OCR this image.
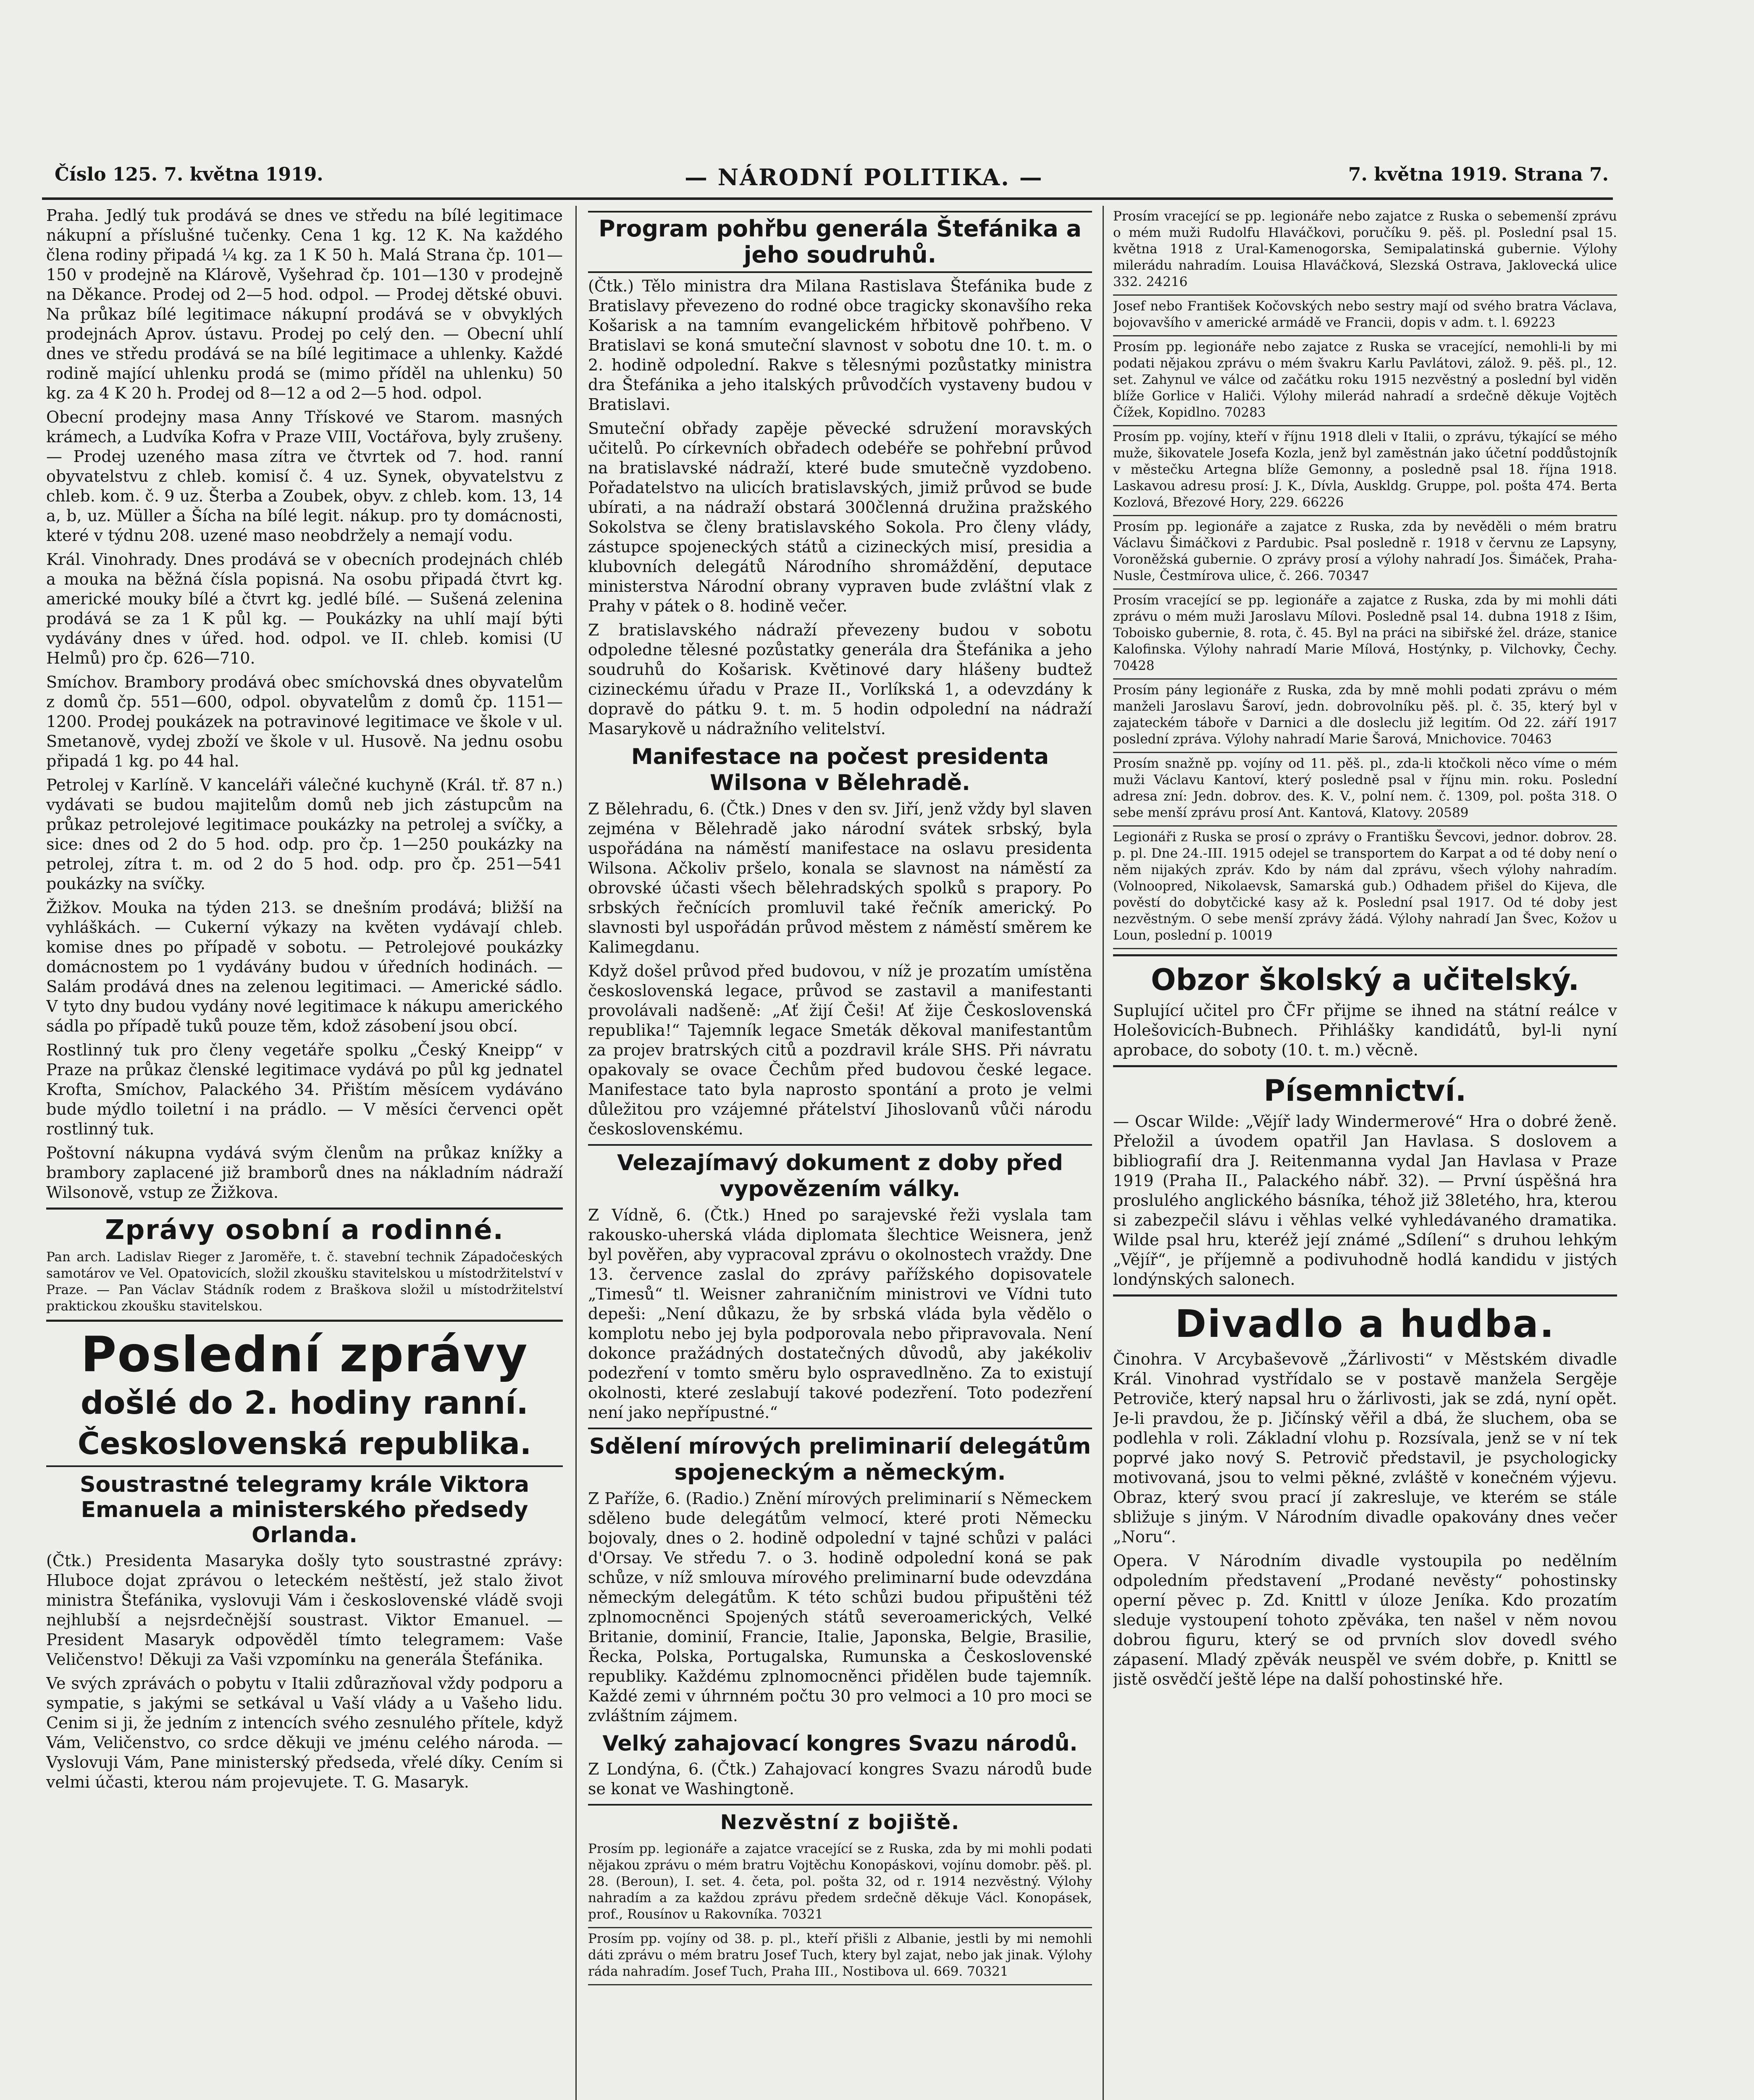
Číslo 125. 7. května 1919.	— NÁRODNÍ POLITIKA. —	7. května 1919. Strana 7.

Praha. Jedlý tuk prodává se dnes ve středu na bílé legitimace nákupní a příslušné tučenky. Cena 1 kg. 12 K. Na každého člena rodiny připadá ¼ kg. za 1 K 50 h. Malá Strana čp. 101—150 v prodejně na Klárově, Vyšehrad čp. 101—130 v prodejně na Děkance. Prodej od 2—5 hod. odpol. — Prodej dětské obuvi. Na průkaz bílé legitimace nákupní prodává se v obvyklých prodejnách Aprov. ústavu. Prodej po celý den. — Obecní uhlí dnes ve středu prodává se na bílé legitimace a uhlenky. Každé rodině mající uhlenku prodá se (mimo příděl na uhlenku) 50 kg. za 4 K 20 h. Prodej od 8—12 a od 2—5 hod. odpol.

Obecní prodejny masa Anny Třískové ve Starom. masných krámech, a Ludvíka Kofra v Praze VIII, Voctářova, byly zrušeny. — Prodej uzeného masa zítra ve čtvrtek od 7. hod. ranní obyvatelstvu z chleb. komisí č. 4 uz. Synek, obyvatelstvu z chleb. kom. č. 9 uz. Šterba a Zoubek, obyv. z chleb. kom. 13, 14 a, b, uz. Müller a Šícha na bílé legit. nákup. pro ty domácnosti, které v týdnu 208. uzené maso neobdržely a nemají vodu.

Král. Vinohrady. Dnes prodává se v obecních prodejnách chléb a mouka na běžná čísla popisná. Na osobu připadá čtvrt kg. americké mouky bílé a čtvrt kg. jedlé bílé. — Sušená zelenina prodává se za 1 K půl kg. — Poukázky na uhlí mají býti vydávány dnes v úřed. hod. odpol. ve II. chleb. komisi (U Helmů) pro čp. 626—710.

Smíchov. Brambory prodává obec smíchovská dnes obyvatelům z domů čp. 551—600, odpol. obyvatelům z domů čp. 1151—1200. Prodej poukázek na potravinové legitimace ve škole v ul. Smetanově, vydej zboží ve škole v ul. Husově. Na jednu osobu připadá 1 kg. po 44 hal.

Petrolej v Karlíně. V kanceláři válečné kuchyně (Král. tř. 87 n.) vydávati se budou majitelům domů neb jich zástupcům na průkaz petrolejové legitimace poukázky na petrolej a svíčky, a sice: dnes od 2 do 5 hod. odp. pro čp. 1—250 poukázky na petrolej, zítra t. m. od 2 do 5 hod. odp. pro čp. 251—541 poukázky na svíčky.

Žižkov. Mouka na týden 213. se dnešním prodává; bližší na vyhláškách. — Cukerní výkazy na květen vydávají chleb. komise dnes po případě v sobotu. — Petrolejové poukázky domácnostem po 1 vydávány budou v úředních hodinách. — Salám prodává dnes na zelenou legitimaci. — Americké sádlo. V tyto dny budou vydány nové legitimace k nákupu amerického sádla po případě tuků pouze těm, kdož zásobení jsou obcí.

Rostlinný tuk pro členy vegetáře spolku „Český Kneipp“ v Praze na průkaz členské legitimace vydává po půl kg jednatel Krofta, Smíchov, Palackého 34. Přištím měsícem vydáváno bude mýdlo toiletní i na prádlo. — V měsíci červenci opět rostlinný tuk.

Poštovní nákupna vydává svým členům na průkaz knížky a brambory zaplacené již bramborů dnes na nákladním nádraží Wilsonově, vstup ze Žižkova.

Zprávy osobní a rodinné.

Pan arch. Ladislav Rieger z Jaroměře, t. č. stavební technik Západočeských samotárov ve Vel. Opatovicích, složil zkoušku stavitelskou u místodržitelství v Praze. — Pan Václav Stádník rodem z Braškova složil u místodržitelství praktickou zkoušku stavitelskou.

Poslední zprávy
došlé do 2. hodiny ranní.
Československá republika.
Soustrastné telegramy krále Viktora Emanuela a ministerského předsedy Orlanda.

(Čtk.) Presidenta Masaryka došly tyto soustrastné zprávy: Hluboce dojat zprávou o leteckém neštěstí, jež stalo život ministra Štefánika, vyslovuji Vám i československé vládě svoji nejhlubší a nejsrdečnější soustrast. Viktor Emanuel. — President Masaryk odpověděl tímto telegramem: Vaše Veličenstvo! Děkuji za Vaši vzpomínku na generála Štefánika.

Ve svých zprávách o pobytu v Italii zdůrazňoval vždy podporu a sympatie, s jakými se setkával u Vaší vlády a u Vašeho lidu. Cenim si ji, že jedním z intencích svého zesnulého přítele, když Vám, Veličenstvo, co srdce děkuji ve jménu celého národa. — Vyslovuji Vám, Pane ministerský předseda, vřelé díky. Cením si velmi účasti, kterou nám projevujete. T. G. Masaryk.

Program pohřbu generála Štefánika a jeho soudruhů.

(Čtk.) Tělo ministra dra Milana Rastislava Štefánika bude z Bratislavy převezeno do rodné obce tragicky skonavšího reka Košarisk a na tamním evangelickém hřbitově pohřbeno. V Bratislavi se koná smuteční slavnost v sobotu dne 10. t. m. o 2. hodině odpolední. Rakve s tělesnými pozůstatky ministra dra Štefánika a jeho italských průvodčích vystaveny budou v Bratislavi.

Smuteční obřady zapěje pěvecké sdružení moravských učitelů. Po církevních obřadech odebéře se pohřební průvod na bratislavské nádraží, které bude smutečně vyzdobeno. Pořadatelstvo na ulicích bratislavských, jimiž průvod se bude ubírati, a na nádraží obstará 300členná družina pražského Sokolstva se členy bratislavského Sokola. Pro členy vlády, zástupce spojeneckých států a cizineckých misí, presidia a klubovních delegátů Národního shromáždění, deputace ministerstva Národní obrany vypraven bude zvláštní vlak z Prahy v pátek o 8. hodině večer.

Z bratislavského nádraží převezeny budou v sobotu odpoledne tělesné pozůstatky generála dra Štefánika a jeho soudruhů do Košarisk. Květinové dary hlášeny budtež cizineckému úřadu v Praze II., Vorlíkská 1, a odevzdány k dopravě do pátku 9. t. m. 5 hodin odpolední na nádraží Masarykově u nádražního velitelství.

Manifestace na počest presidenta Wilsona v Bělehradě.

Z Bělehradu, 6. (Čtk.) Dnes v den sv. Jiří, jenž vždy byl slaven zejména v Bělehradě jako národní svátek srbský, byla uspořádána na náměstí manifestace na oslavu presidenta Wilsona. Ačkoliv pršelo, konala se slavnost na náměstí za obrovské účasti všech bělehradských spolků s prapory. Po srbských řečnících promluvil také řečník americký. Po slavnosti byl uspořádán průvod městem z náměstí směrem ke Kalimegdanu.

Když došel průvod před budovou, v níž je prozatím umístěna československá legace, průvod se zastavil a manifestanti provolávali nadšeně: „Ať žijí Češi! Ať žije Československá republika!“ Tajemník legace Smeták děkoval manifestantům za projev bratrských citů a pozdravil krále SHS. Při návratu opakovaly se ovace Čechům před budovou české legace. Manifestace tato byla naprosto spontání a proto je velmi důležitou pro vzájemné přátelství Jihoslovanů vůči národu československému.

Velezajímavý dokument z doby před vypovězením války.

Z Vídně, 6. (Čtk.) Hned po sarajevské řeži vyslala tam rakousko-uherská vláda diplomata šlechtice Weisnera, jenž byl pověřen, aby vypracoval zprávu o okolnostech vraždy. Dne 13. července zaslal do zprávy pařížského dopisovatele „Timesů“ tl. Weisner zahraničním ministrovi ve Vídni tuto depeši: „Není důkazu, že by srbská vláda byla vědělo o komplotu nebo jej byla podporovala nebo připravovala. Není dokonce pražádných dostatečných důvodů, aby jakékoliv podezření v tomto směru bylo ospravedlněno. Za to existují okolnosti, které zeslabují takové podezření. Toto podezření není jako nepřípustné.“

Sdělení mírových preliminarií delegátům spojeneckým a německým.

Z Paříže, 6. (Radio.) Znění mírových preliminarií s Německem sděleno bude delegátům velmocí, které proti Německu bojovaly, dnes o 2. hodině odpolední v tajné schůzi v paláci d'Orsay. Ve středu 7. o 3. hodině odpolední koná se pak schůze, v níž smlouva mírového preliminarní bude odevzdána německým delegátům. K této schůzi budou připuštěni též zplnomocněnci Spojených států severoamerických, Velké Britanie, dominií, Francie, Italie, Japonska, Belgie, Brasilie, Řecka, Polska, Portugalska, Rumunska a Československé republiky. Každému zplnomocněnci přidělen bude tajemník. Každé zemi v úhrnném počtu 30 pro velmoci a 10 pro moci se zvláštním zájmem.

Velký zahajovací kongres Svazu národů.

Z Londýna, 6. (Čtk.) Zahajovací kongres Svazu národů bude se konat ve Washingtoně.

Nezvěstní z bojiště.

Prosím pp. legionáře a zajatce vracející se z Ruska, zda by mi mohli podati nějakou zprávu o mém bratru Vojtěchu Konopáskovi, vojínu domobr. pěš. pl. 28. (Beroun), I. set. 4. četa, pol. pošta 32, od r. 1914 nezvěstný. Výlohy nahradím a za každou zprávu předem srdečně děkuje Václ. Konopásek, prof., Rousínov u Rakovníka. 70321

Prosím pp. vojíny od 38. p. pl., kteří přišli z Albanie, jestli by mi nemohli dáti zprávu o mém bratru Josef Tuch, ktery byl zajat, nebo jak jinak. Výlohy ráda nahradím. Josef Tuch, Praha III., Nostibova ul. 669. 70321

Prosím vracející se pp. legionáře nebo zajatce z Ruska o sebemenší zprávu o mém muži Rudolfu Hlaváčkovi, poručíku 9. pěš. pl. Poslední psal 15. května 1918 z Ural-Kamenogorska, Semipalatinská gubernie. Výlohy milerádu nahradím. Louisa Hlaváčková, Slezská Ostrava, Jaklovecká ulice 332. 24216

Josef nebo František Kočovských nebo sestry mají od svého bratra Václava, bojovavšího v americké armádě ve Francii, dopis v adm. t. l. 69223

Prosím pp. legionáře nebo zajatce z Ruska se vracející, nemohli-li by mi podati nějakou zprávu o mém švakru Karlu Pavlátovi, zálož. 9. pěš. pl., 12. set. Zahynul ve válce od začátku roku 1915 nezvěstný a poslední byl viděn blíže Gorlice v Haliči. Výlohy milerád nahradí a srdečně děkuje Vojtěch Čížek, Kopidlno. 70283

Prosím pp. vojíny, kteří v říjnu 1918 dleli v Italii, o zprávu, týkající se mého muže, šikovatele Josefa Kozla, jenž byl zaměstnán jako účetní poddůstojník v městečku Artegna blíže Gemonny, a posledně psal 18. října 1918. Laskavou adresu prosí: J. K., Dívla, Auskldg. Gruppe, pol. pošta 474. Berta Kozlová, Březové Hory, 229. 66226

Prosím pp. legionáře a zajatce z Ruska, zda by nevěděli o mém bratru Václavu Šimáčkovi z Pardubic. Psal posledně r. 1918 v červnu ze Lapsyny, Voroněžská gubernie. O zprávy prosí a výlohy nahradí Jos. Šimáček, Praha-Nusle, Čestmírova ulice, č. 266. 70347

Prosím vracející se pp. legionáře a zajatce z Ruska, zda by mi mohli dáti zprávu o mém muži Jaroslavu Mílovi. Posledně psal 14. dubna 1918 z Išim, Toboisko gubernie, 8. rota, č. 45. Byl na práci na sibiřské žel. dráze, stanice Kalofinska. Výlohy nahradí Marie Mílová, Hostýnky, p. Vilchovky, Čechy. 70428

Prosím pány legionáře z Ruska, zda by mně mohli podati zprávu o mém manželi Jaroslavu Šaroví, jedn. dobrovolníku pěš. pl. č. 35, který byl v zajateckém táboře v Darnici a dle dosleclu již legitím. Od 22. září 1917 poslední zpráva. Výlohy nahradí Marie Šarová, Mnichovice. 70463

Prosím snažně pp. vojíny od 11. pěš. pl., zda-li ktočkoli něco víme o mém muži Václavu Kantoví, který posledně psal v říjnu min. roku. Poslední adresa zní: Jedn. dobrov. des. K. V., polní nem. č. 1309, pol. pošta 318. O sebe menší zprávu prosí Ant. Kantová, Klatovy. 20589

Legionáři z Ruska se prosí o zprávy o Františku Ševcovi, jednor. dobrov. 28. p. pl. Dne 24.-III. 1915 odejel se transportem do Karpat a od té doby není o něm nijakých zpráv. Kdo by nám dal zprávu, všech výlohy nahradím. (Volnoopred, Nikolaevsk, Samarská gub.) Odhadem přišel do Kijeva, dle pověstí do dobytčické kasy až k. Poslední psal 1917. Od té doby jest nezvěstným. O sebe menší zprávy žádá. Výlohy nahradí Jan Švec, Kožov u Loun, poslední p. 10019

Obzor školský a učitelský.

Suplující učitel pro ČFr přijme se ihned na státní reálce v Holešovicích-Bubnech. Přihlášky kandidátů, byl-li nyní aprobace, do soboty (10. t. m.) věcně.

Písemnictví.

— Oscar Wilde: „Vějíř lady Windermerové“ Hra o dobré ženě. Přeložil a úvodem opatřil Jan Havlasa. S doslovem a bibliografií dra J. Reitenmanna vydal Jan Havlasa v Praze 1919 (Praha II., Palackého nábř. 32). — První úspěšná hra proslulého anglického básníka, téhož již 38letého, hra, kterou si zabezpečil slávu i věhlas velké vyhledávaného dramatika. Wilde psal hru, kteréž její známé „Sdílení“ s druhou lehkým „Vějíř“, je příjemně a podivuhodně hodlá kandidu v jistých londýnských salonech.

Divadlo a hudba.

Činohra. V Arcybaševově „Žárlivosti“ v Městském divadle Král. Vinohrad vystřídalo se v postavě manžela Sergěje Petroviče, který napsal hru o žárlivosti, jak se zdá, nyní opět. Je-li pravdou, že p. Jičínský věřil a dbá, že sluchem, oba se podlehla v roli. Základní vlohu p. Rozsívala, jenž se v ní tek poprvé jako nový S. Petrovič představil, je psychologicky motivovaná, jsou to velmi pěkné, zvláště v konečném výjevu. Obraz, který svou prací jí zakresluje, ve kterém se stále sbližuje s jiným. V Národním divadle opakovány dnes večer „Noru“.

Opera. V Národním divadle vystoupila po nedělním odpoledním představení „Prodané nevěsty“ pohostinsky operní pěvec p. Zd. Knittl v úloze Jeníka. Kdo prozatím sleduje vystoupení tohoto zpěváka, ten našel v něm novou dobrou figuru, který se od prvních slov dovedl svého zápasení. Mladý zpěvák neuspěl ve svém dobře, p. Knittl se jistě osvědčí ještě lépe na další pohostinské hře.
